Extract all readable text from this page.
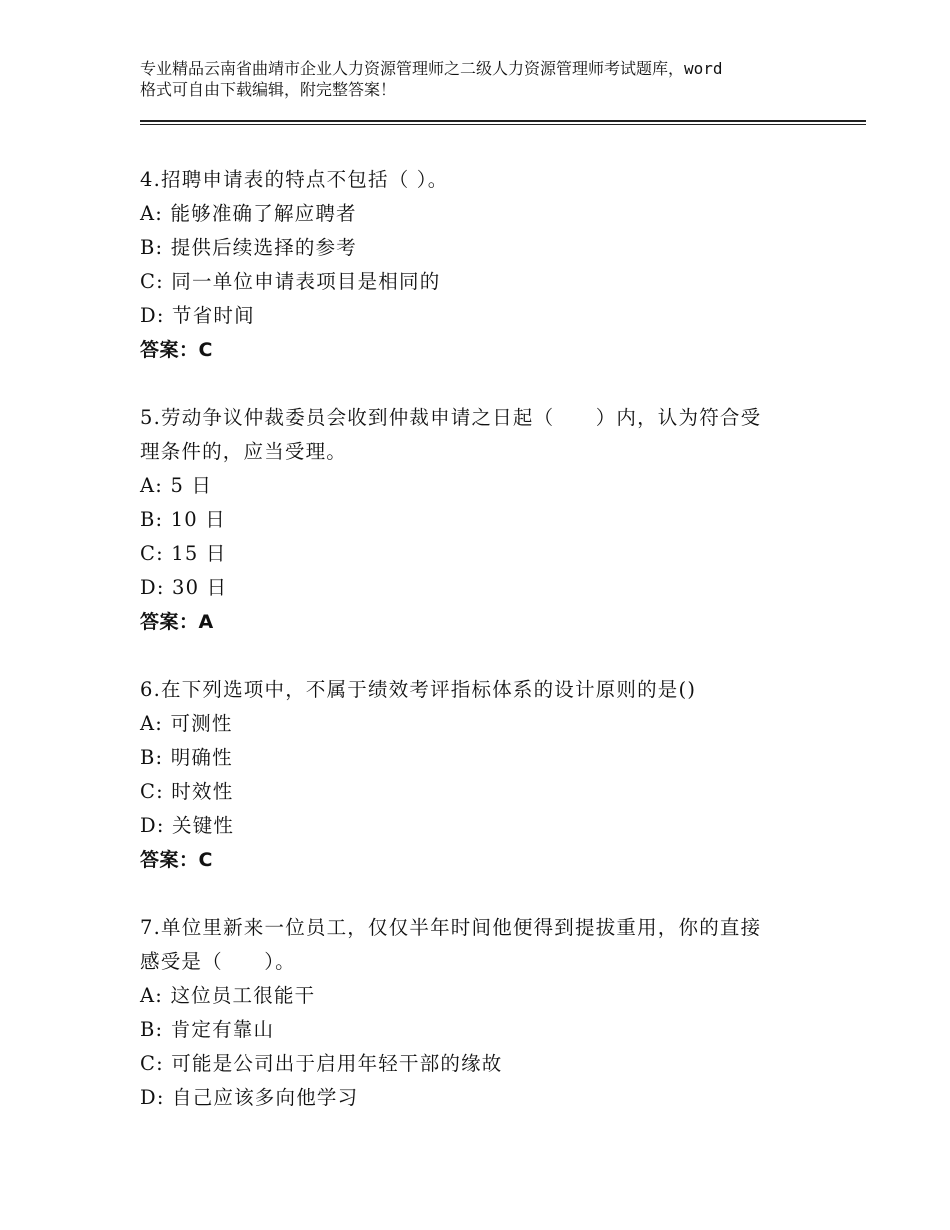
专业精品云南省曲靖市企业人力资源管理师之二级人力资源管理师考试题库，word
格式可自由下载编辑，附完整答案！
4.招聘申请表的特点不包括（ ）。
A: 能够准确了解应聘者
B: 提供后续选择的参考
C: 同一单位申请表项目是相同的
D: 节省时间
答案：C
5.劳动争议仲裁委员会收到仲裁申请之日起（　　）内，认为符合受
理条件的，应当受理。
A: 5 日
B: 10 日
C: 15 日
D: 30 日
答案：A
6.在下列选项中，不属于绩效考评指标体系的设计原则的是()
A: 可测性
B: 明确性
C: 时效性
D: 关键性
答案：C
7.单位里新来一位员工，仅仅半年时间他便得到提拔重用，你的直接
感受是（　　）。
A: 这位员工很能干
B: 肯定有靠山
C: 可能是公司出于启用年轻干部的缘故
D: 自己应该多向他学习
